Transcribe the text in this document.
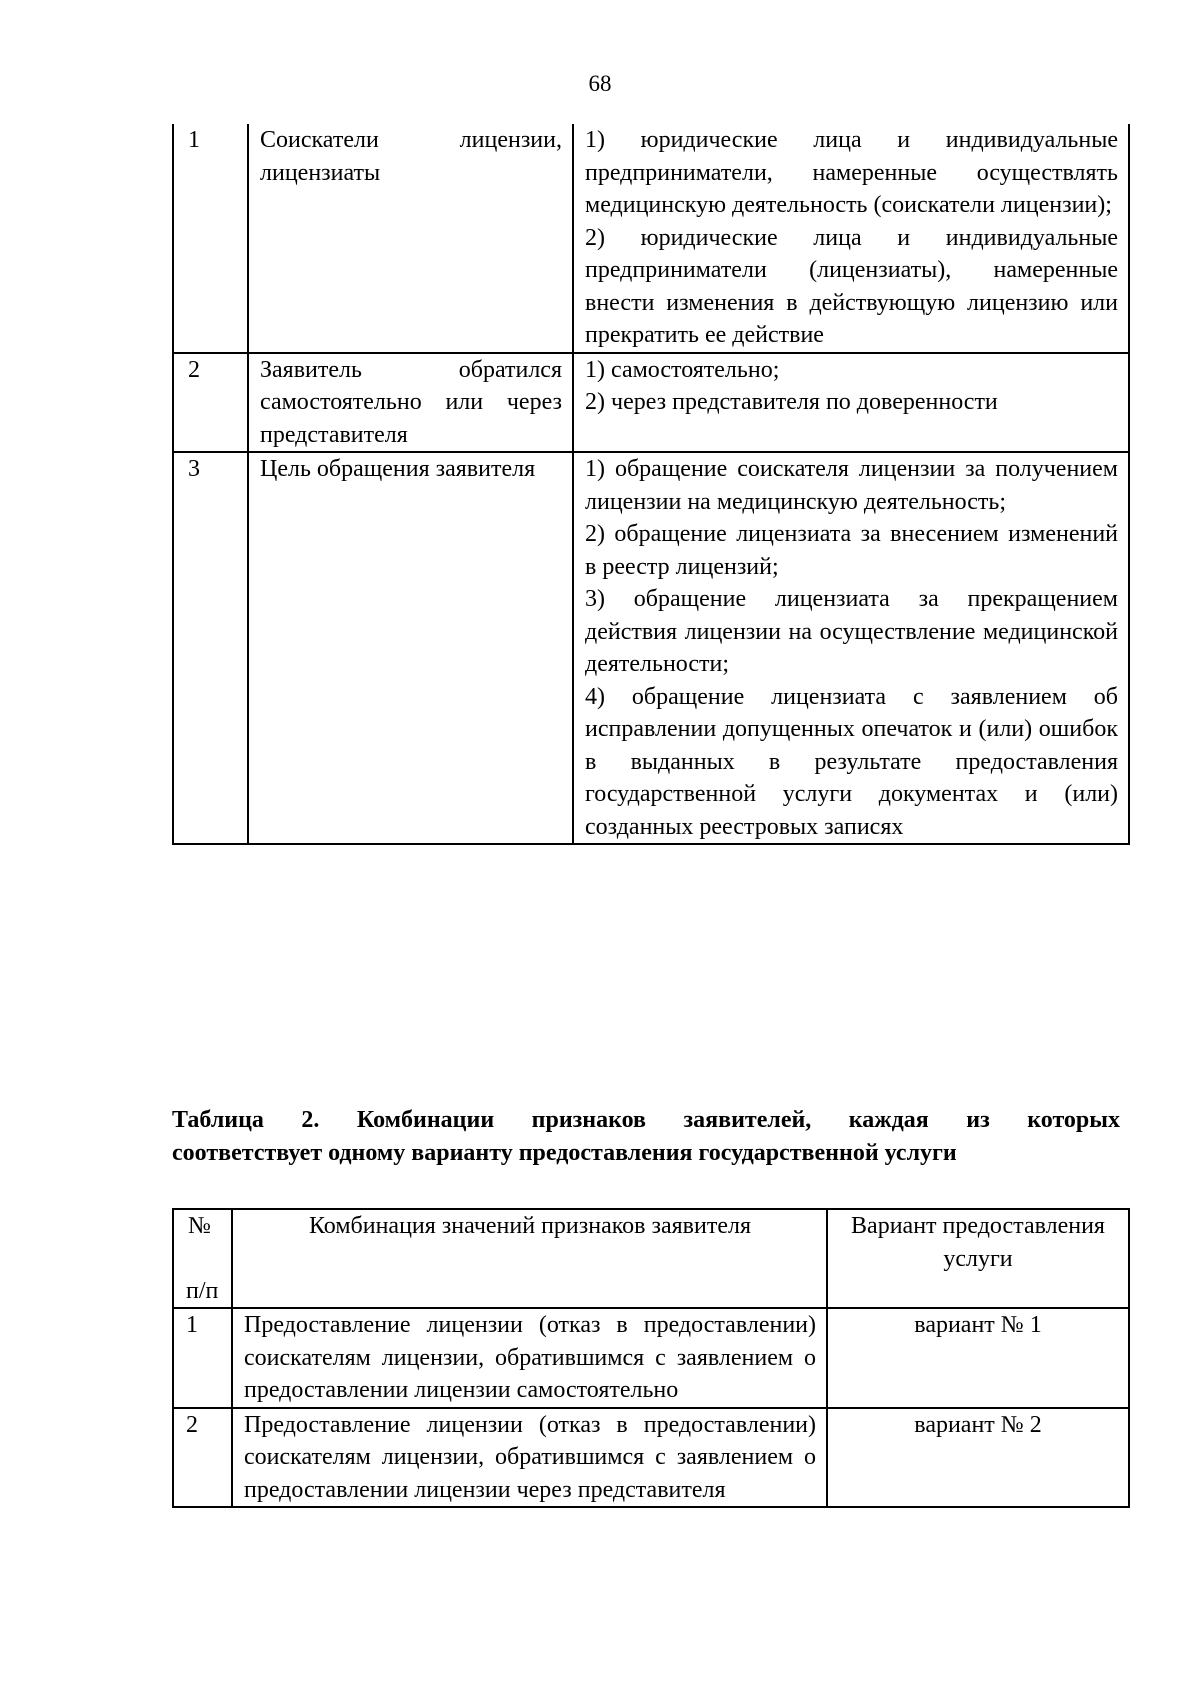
68
1	Соискатели лицензии, лицензиаты	1) юридические лица и индивидуальные предприниматели, намеренные осуществлять медицинскую деятельность (соискатели лицензии);

2) юридические лица и индивидуальные предприниматели (лицензиаты), намеренные внести изменения в действующую лицензию или прекратить ее действие

2	Заявитель обратился самостоятельно или через представителя	1) самостоятельно;
2) через представителя по доверенности

3	Цель обращения заявителя	1) обращение соискателя лицензии за получением лицензии на медицинскую деятельность;

2) обращение лицензиата за внесением изменений в реестр лицензий;

3) обращение лицензиата за прекращением действия лицензии на осуществление медицинской деятельности;

4) обращение лицензиата с заявлением об исправлении допущенных опечаток и (или) ошибок в выданных в результате предоставления государственной услуги документах и (или) созданных реестровых записях

Таблица 2. Комбинации признаков заявителей, каждая из которых
соответствует одному варианту предоставления государственной услуги
№
п/п	Комбинация значений признаков заявителя	Вариант предоставления услуги
1	Предоставление лицензии (отказ в предоставлении) соискателям лицензии, обратившимся с заявлением о предоставлении лицензии самостоятельно	вариант № 1
2	Предоставление лицензии (отказ в предоставлении) соискателям лицензии, обратившимся с заявлением о предоставлении лицензии через представителя	вариант № 2
